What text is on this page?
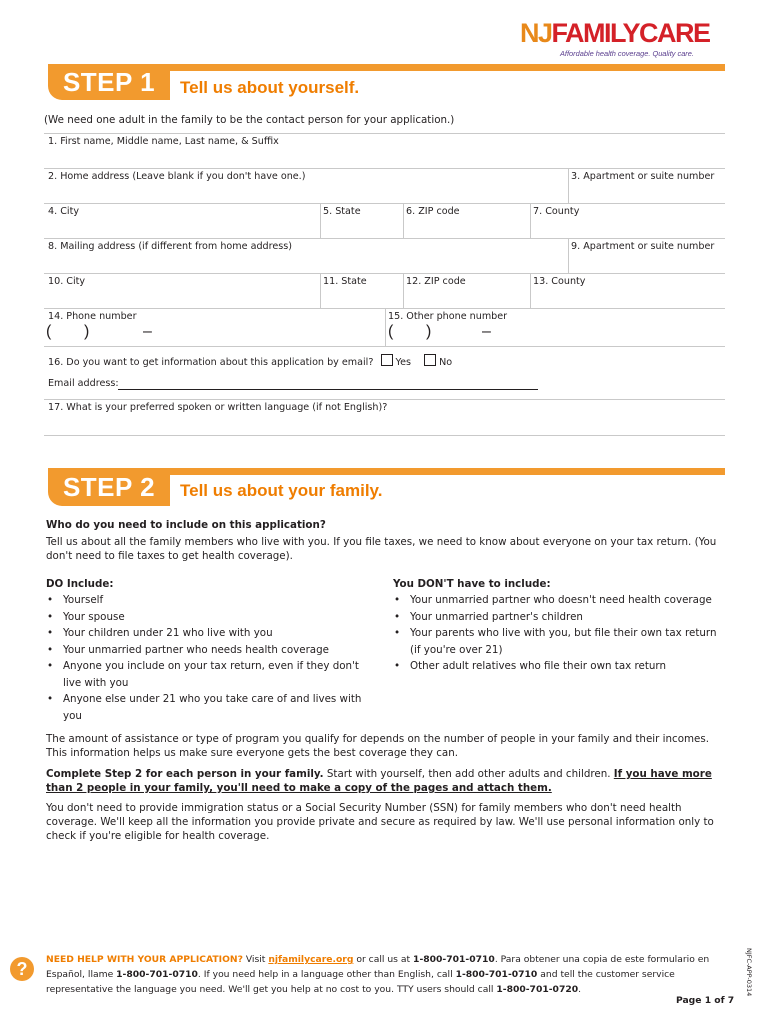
NJFAMILYCARE
Affordable health coverage. Quality care.
STEP 1	Tell us about yourself.
(We need one adult in the family to be the contact person for your application.)
1. First name, Middle name, Last name, & Suffix
2. Home address (Leave blank if you don't have one.)	3. Apartment or suite number
4. City	5. State	6. ZIP code	7. County
8. Mailing address (if different from home address)	9. Apartment or suite number
10. City	11. State	12. ZIP code	13. County
14. Phone number	15. Other phone number
( )	–	( )	–
16. Do you want to get information about this application by email? Yes	No
Email address:
17. What is your preferred spoken or written language (if not English)?
STEP 2	Tell us about your family.
Who do you need to include on this application?
Tell us about all the family members who live with you. If you file taxes, we need to know about everyone on your tax return. (You don't need to file taxes to get health coverage).
DO Include:
• Yourself
• Your spouse
• Your children under 21 who live with you
• Your unmarried partner who needs health coverage
• Anyone you include on your tax return, even if they don't live with you
• Anyone else under 21 who you take care of and lives with you
You DON'T have to include:
• Your unmarried partner who doesn't need health coverage
• Your unmarried partner's children
• Your parents who live with you, but file their own tax return (if you're over 21)
• Other adult relatives who file their own tax return
The amount of assistance or type of program you qualify for depends on the number of people in your family and their incomes. This information helps us make sure everyone gets the best coverage they can.
Complete Step 2 for each person in your family. Start with yourself, then add other adults and children. If you have more than 2 people in your family, you'll need to make a copy of the pages and attach them.
You don't need to provide immigration status or a Social Security Number (SSN) for family members who don't need health coverage. We'll keep all the information you provide private and secure as required by law. We'll use personal information only to check if you're eligible for health coverage.
?	NEED HELP WITH YOUR APPLICATION? Visit njfamilycare.org or call us at 1-800-701-0710. Para obtener una copia de este formulario en Español, llame 1-800-701-0710. If you need help in a language other than English, call 1-800-701-0710 and tell the customer service representative the language you need. We'll get you help at no cost to you. TTY users should call 1-800-701-0720.
Page 1 of 7
NJFC-APP-0314
